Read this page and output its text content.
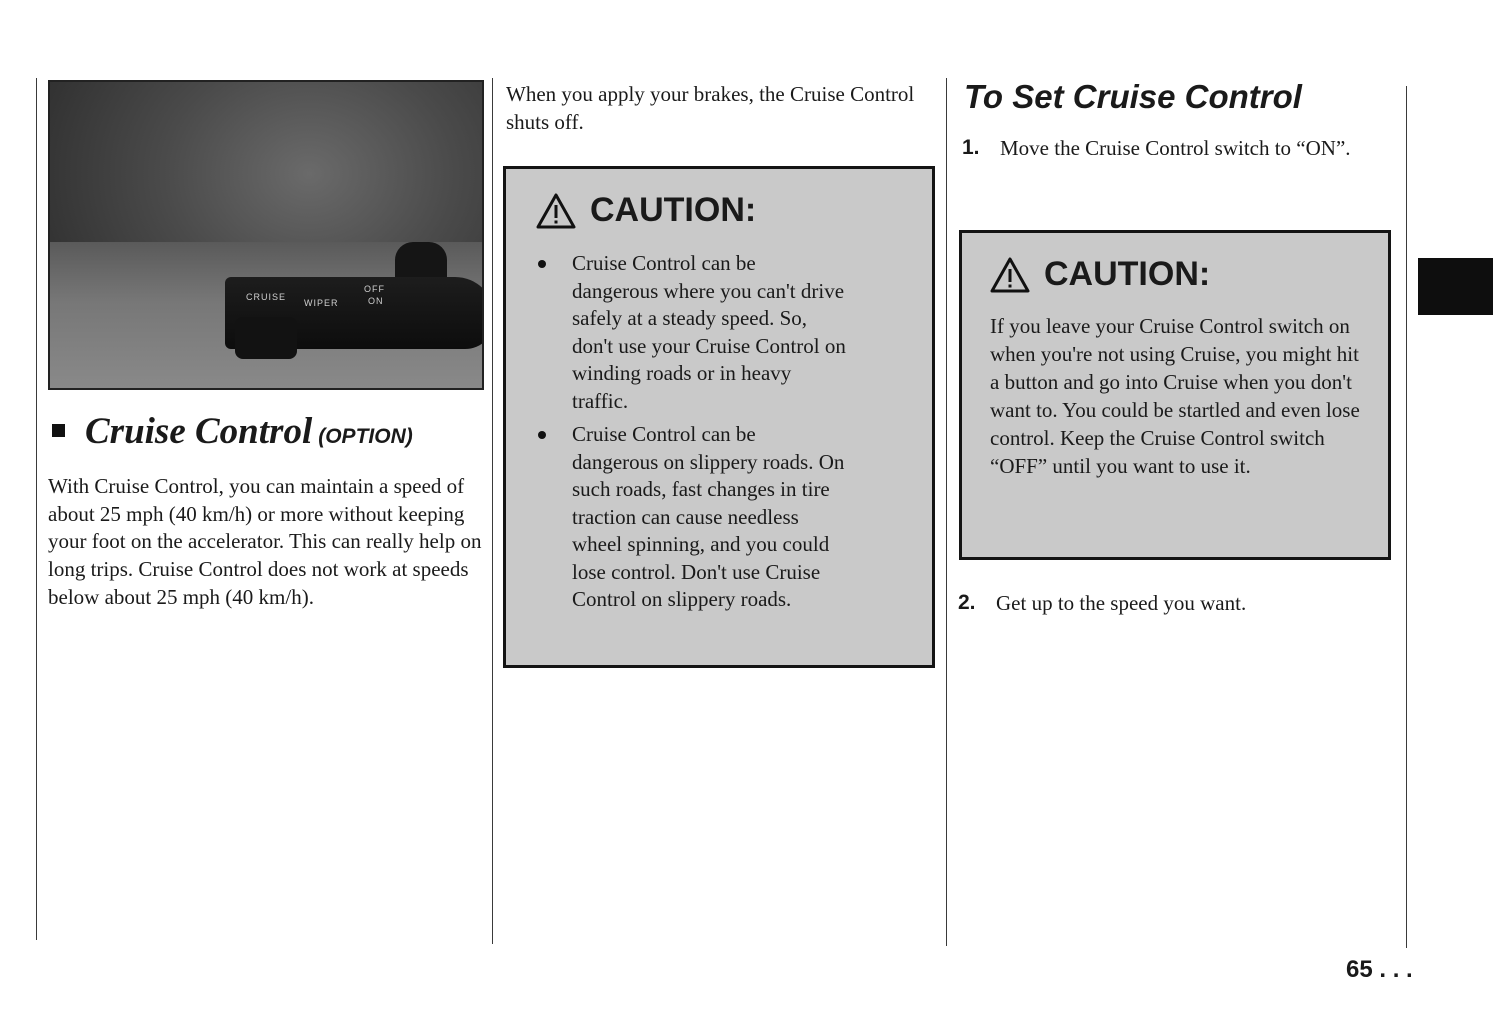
CRUISE
WIPER
OFF
ON
Cruise Control (OPTION)

With Cruise Control, you can maintain a speed of about 25 mph (40 km/h) or more without keeping your foot on the accelerator. This can really help on long trips. Cruise Control does not work at speeds below about 25 mph (40 km/h).

When you apply your brakes, the Cruise Control shuts off.

CAUTION:
Cruise Control can be dangerous where you can't drive safely at a steady speed. So, don't use your Cruise Control on winding roads or in heavy traffic.
Cruise Control can be dangerous on slippery roads. On such roads, fast changes in tire traction can cause needless wheel spinning, and you could lose control. Don't use Cruise Control on slippery roads.
To Set Cruise Control
1. Move the Cruise Control switch to “ON”.
CAUTION:

If you leave your Cruise Control switch on when you're not using Cruise, you might hit a button and go into Cruise when you don't want to. You could be startled and even lose control. Keep the Cruise Control switch “OFF” until you want to use it.

2. Get up to the speed you want.
65 . . .
